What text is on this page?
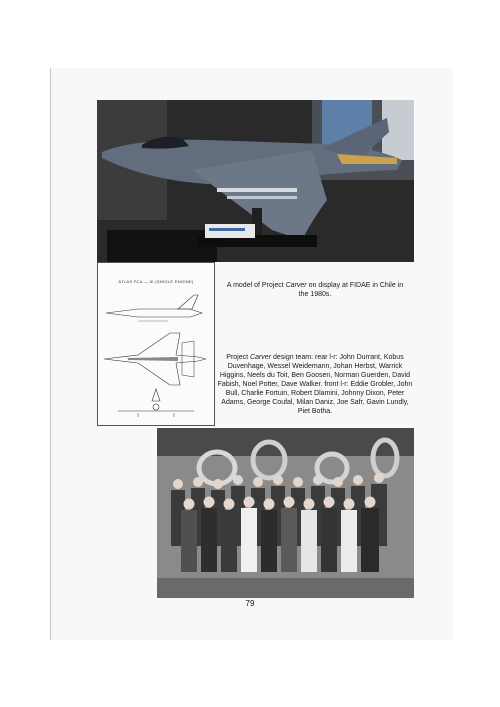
ATLAS FCA — IE (SINGLE ENGINE)
A model of Project Carver on display at FIDAE in Chile in the 1980s.
Project Carver design team: rear l-r: John Durrant, Kobus Duvenhage, Wessel Weidemann, Johan Herbst, Warrick Higgins, Neels du Toit, Ben Goosen, Norman Guerden, David Fabish, Noel Potter, Dave Walker. front l-r: Eddie Grobler, John Bull, Charlie Fortuin, Robert Dlamini, Johnny Dixon, Peter Adams, George Coufal, Milan Daniz, Joe Safr, Gavin Lundly, Piet Botha.
79
